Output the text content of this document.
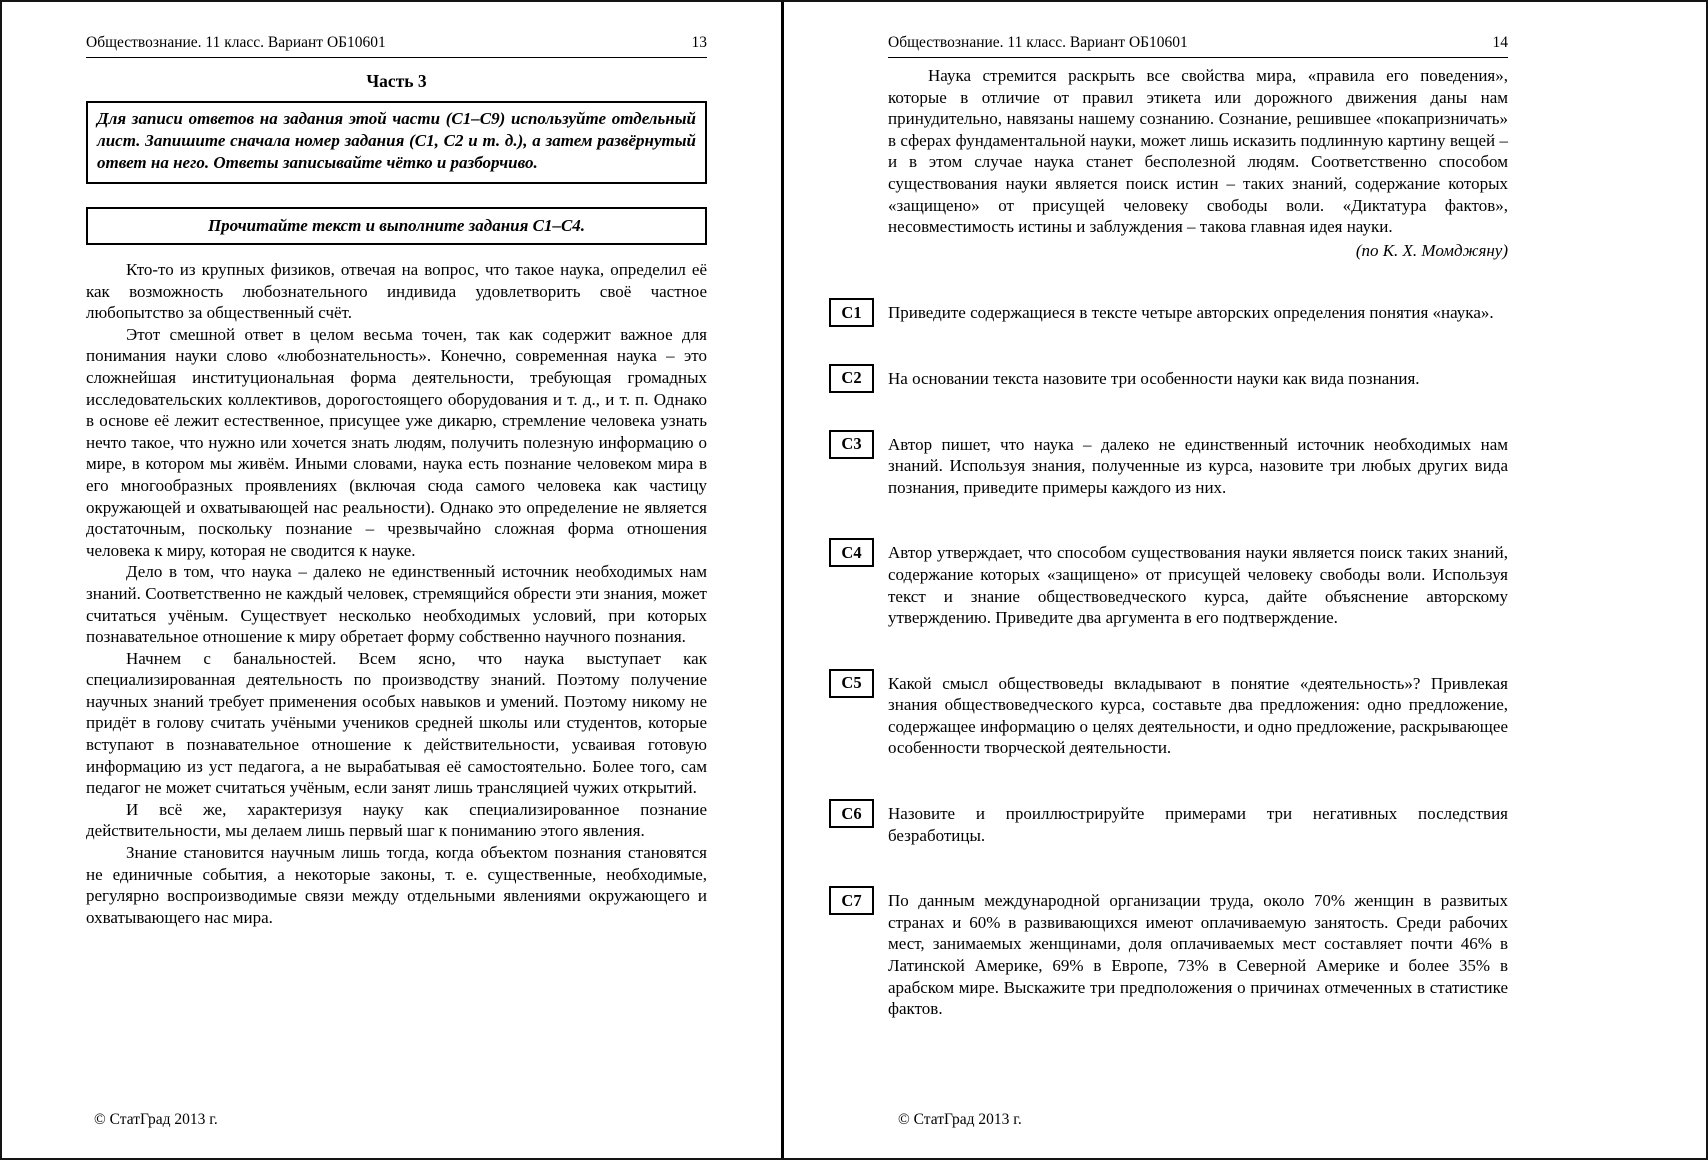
Обществознание. 11 класс. Вариант ОБ10601	13
Часть 3
Для записи ответов на задания этой части (С1–С9) используйте отдельный лист. Запишите сначала номер задания (С1, С2 и т. д.), а затем развёрнутый ответ на него. Ответы записывайте чётко и разборчиво.
Прочитайте текст и выполните задания С1–С4.

Кто-то из крупных физиков, отвечая на вопрос, что такое наука, определил её как возможность любознательного индивида удовлетворить своё частное любопытство за общественный счёт.

Этот смешной ответ в целом весьма точен, так как содержит важное для понимания науки слово «любознательность». Конечно, современная наука – это сложнейшая институциональная форма деятельности, требующая громадных исследовательских коллективов, дорогостоящего оборудования и т. д., и т. п. Однако в основе её лежит естественное, присущее уже дикарю, стремление человека узнать нечто такое, что нужно или хочется знать людям, получить полезную информацию о мире, в котором мы живём. Иными словами, наука есть познание человеком мира в его многообразных проявлениях (включая сюда самого человека как частицу окружающей и охватывающей нас реальности). Однако это определение не является достаточным, поскольку познание – чрезвычайно сложная форма отношения человека к миру, которая не сводится к науке.

Дело в том, что наука – далеко не единственный источник необходимых нам знаний. Соответственно не каждый человек, стремящийся обрести эти знания, может считаться учёным. Существует несколько необходимых условий, при которых познавательное отношение к миру обретает форму собственно научного познания.

Начнем с банальностей. Всем ясно, что наука выступает как специализированная деятельность по производству знаний. Поэтому получение научных знаний требует применения особых навыков и умений. Поэтому никому не придёт в голову считать учёными учеников средней школы или студентов, которые вступают в познавательное отношение к действительности, усваивая готовую информацию из уст педагога, а не вырабатывая её самостоятельно. Более того, сам педагог не может считаться учёным, если занят лишь трансляцией чужих открытий.

И всё же, характеризуя науку как специализированное познание действительности, мы делаем лишь первый шаг к пониманию этого явления.

Знание становится научным лишь тогда, когда объектом познания становятся не единичные события, а некоторые законы, т. е. существенные, необходимые, регулярно воспроизводимые связи между отдельными явлениями окружающего и охватывающего нас мира.

© СтатГрад 2013 г.
Обществознание. 11 класс. Вариант ОБ10601	14

Наука стремится раскрыть все свойства мира, «правила его поведения», которые в отличие от правил этикета или дорожного движения даны нам принудительно, навязаны нашему сознанию. Сознание, решившее «покапризничать» в сферах фундаментальной науки, может лишь исказить подлинную картину вещей – и в этом случае наука станет бесполезной людям. Соответственно способом существования науки является поиск истин – таких знаний, содержание которых «защищено» от присущей человеку свободы воли. «Диктатура фактов», несовместимость истины и заблуждения – такова главная идея науки.

(по К. Х. Момджяну)

С1	Приведите содержащиеся в тексте четыре авторских определения понятия «наука».

С2	На основании текста назовите три особенности науки как вида познания.

С3	Автор пишет, что наука – далеко не единственный источник необходимых нам знаний. Используя знания, полученные из курса, назовите три любых других вида познания, приведите примеры каждого из них.

С4	Автор утверждает, что способом существования науки является поиск таких знаний, содержание которых «защищено» от присущей человеку свободы воли. Используя текст и знание обществоведческого курса, дайте объяснение авторскому утверждению. Приведите два аргумента в его подтверждение.

С5	Какой смысл обществоведы вкладывают в понятие «деятельность»? Привлекая знания обществоведческого курса, составьте два предложения: одно предложение, содержащее информацию о целях деятельности, и одно предложение, раскрывающее особенности творческой деятельности.

С6	Назовите и проиллюстрируйте примерами три негативных последствия безработицы.

С7	По данным международной организации труда, около 70% женщин в развитых странах и 60% в развивающихся имеют оплачиваемую занятость. Среди рабочих мест, занимаемых женщинами, доля оплачиваемых мест составляет почти 46% в Латинской Америке, 69% в Европе, 73% в Северной Америке и более 35% в арабском мире. Выскажите три предположения о причинах отмеченных в статистике фактов.

© СтатГрад 2013 г.
